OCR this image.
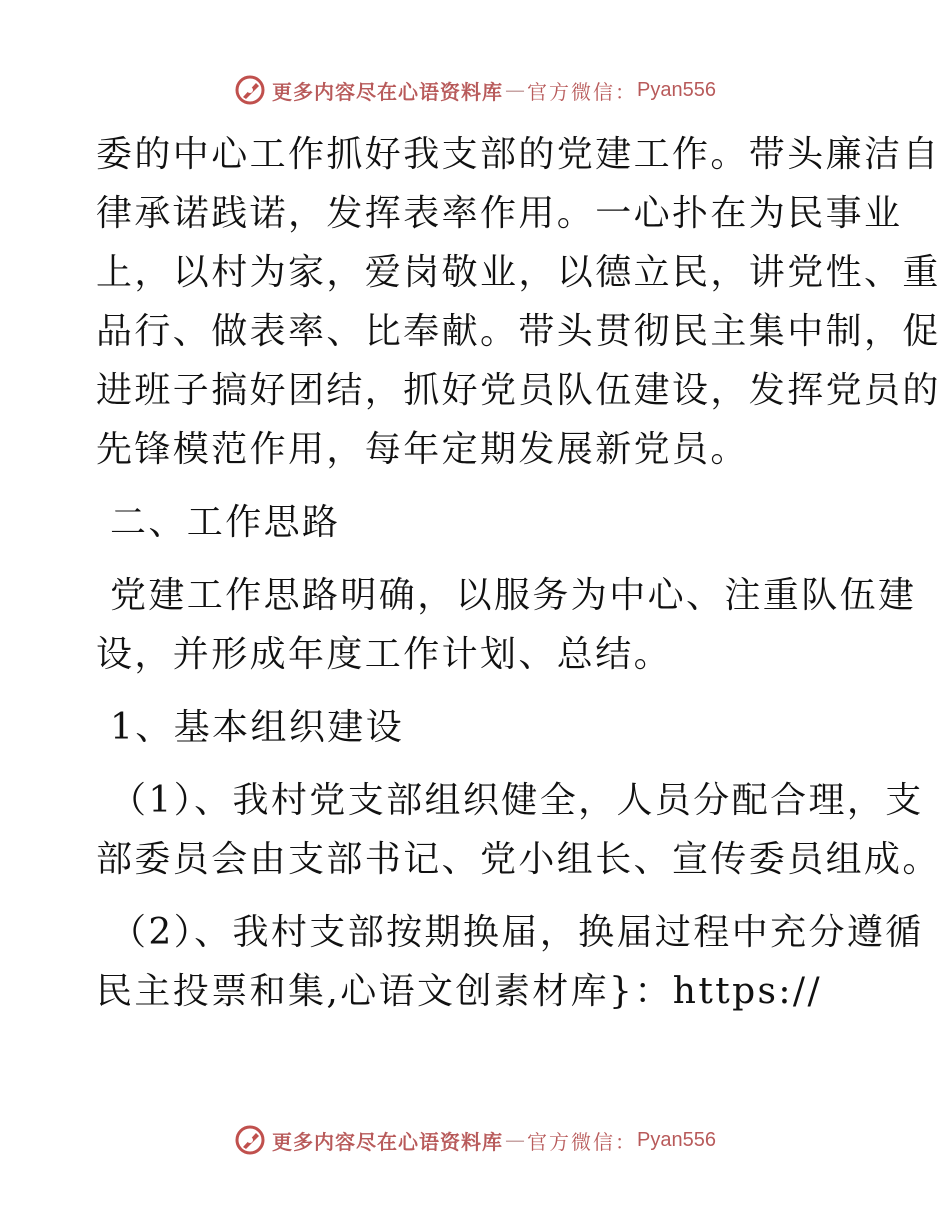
更多内容尽在心语资料库 — 官方微信： Pyan556
委的中心工作抓好我支部的党建工作。带头廉洁自
律承诺践诺，发挥表率作用。一心扑在为民事业
上，以村为家，爱岗敬业，以德立民，讲党性、重
品行、做表率、比奉献。带头贯彻民主集中制，促
进班子搞好团结，抓好党员队伍建设，发挥党员的
先锋模范作用，每年定期发展新党员。
二、工作思路
党建工作思路明确，以服务为中心、注重队伍建
设，并形成年度工作计划、总结。
1、基本组织建设
（1）、我村党支部组织健全，人员分配合理，支
部委员会由支部书记、党小组长、宣传委员组成。
（2）、我村支部按期换届，换届过程中充分遵循
民主投票和集,心语文创素材库}：https://
更多内容尽在心语资料库 — 官方微信： Pyan556
